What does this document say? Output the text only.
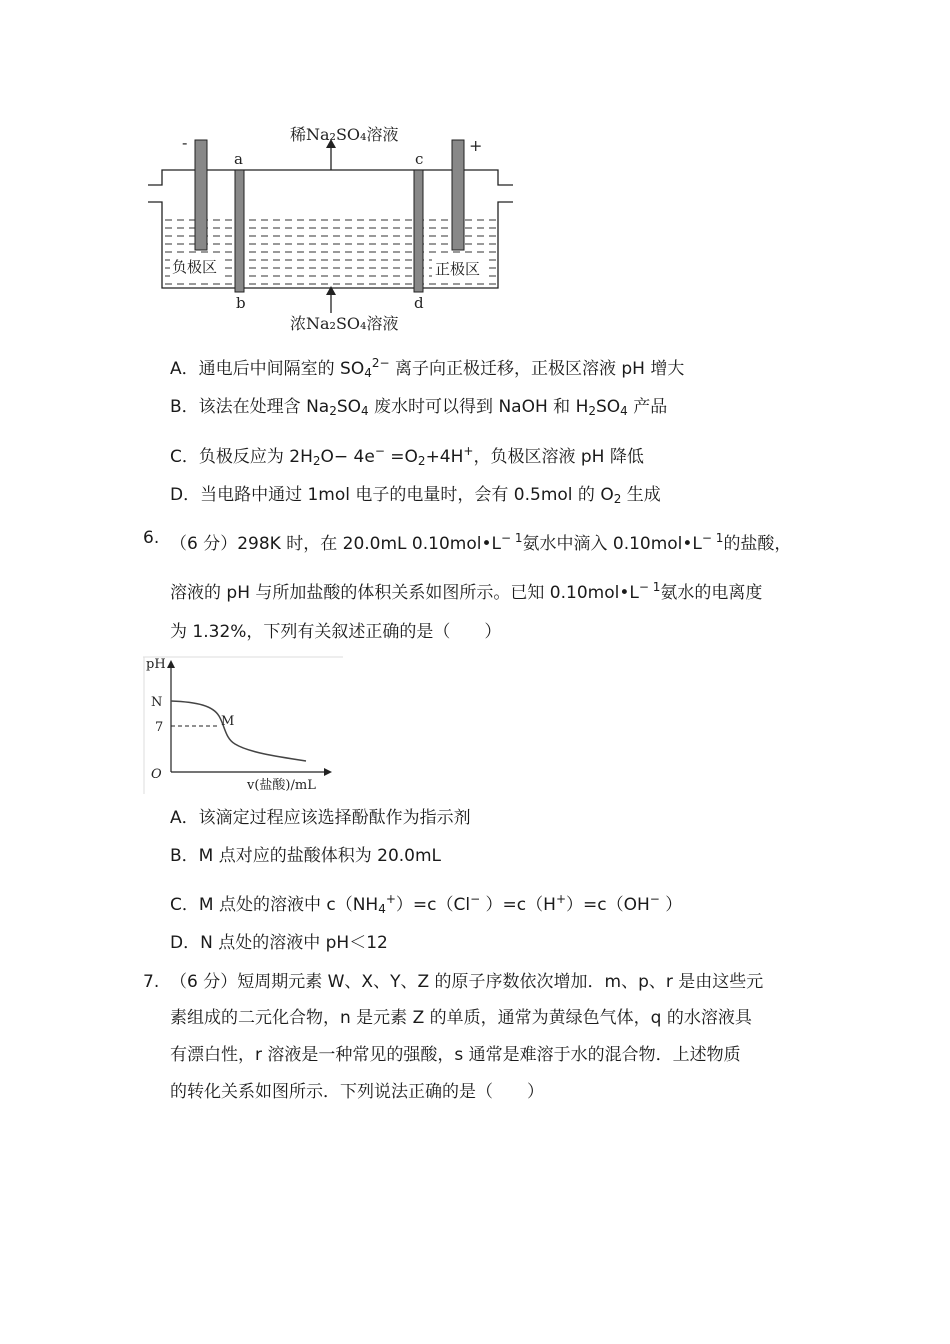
稀Na₂SO₄溶液
浓Na₂SO₄溶液
-	+
a
b
c
d
负极区	正极区
A．通电后中间隔室的 $SO_4^{2-}$ 离子向正极迁移，正极区溶液 pH 增大
B．该法在处理含 $Na_2SO_4$ 废水时可以得到 NaOH 和 $H_2SO_4$ 产品
C．负极反应为 $2H_2O- 4e^- =O_2+4H^+$，负极区溶液 pH 降低
D．当电路中通过 1mol 电子的电量时，会有 0.5mol 的 $O_2$ 生成
6. （6 分）298K 时，在 20.0mL $0.10mol•L^{- 1}$氨水中滴入 $0.10mol•L^{- 1}$的盐酸，
溶液的 pH 与所加盐酸的体积关系如图所示。已知 $0.10mol•L^{- 1}$氨水的电离度
为 1.32%，下列有关叙述正确的是（　　）
pH
N
7	M
O
v(盐酸)/mL
A．该滴定过程应该选择酚酞作为指示剂
B．M 点对应的盐酸体积为 20.0mL
C．M 点处的溶液中 $c(NH_4^+)=c(Cl^-$ ）=c（H+）=c（OH− ）
D．N 点处的溶液中 pH＜12
7. （6 分）短周期元素 W、X、Y、Z 的原子序数依次增加．m、p、r 是由这些元
素组成的二元化合物，n 是元素 Z 的单质，通常为黄绿色气体，q 的水溶液具
有漂白性，r 溶液是一种常见的强酸，s 通常是难溶于水的混合物．上述物质
的转化关系如图所示．下列说法正确的是（　　）
